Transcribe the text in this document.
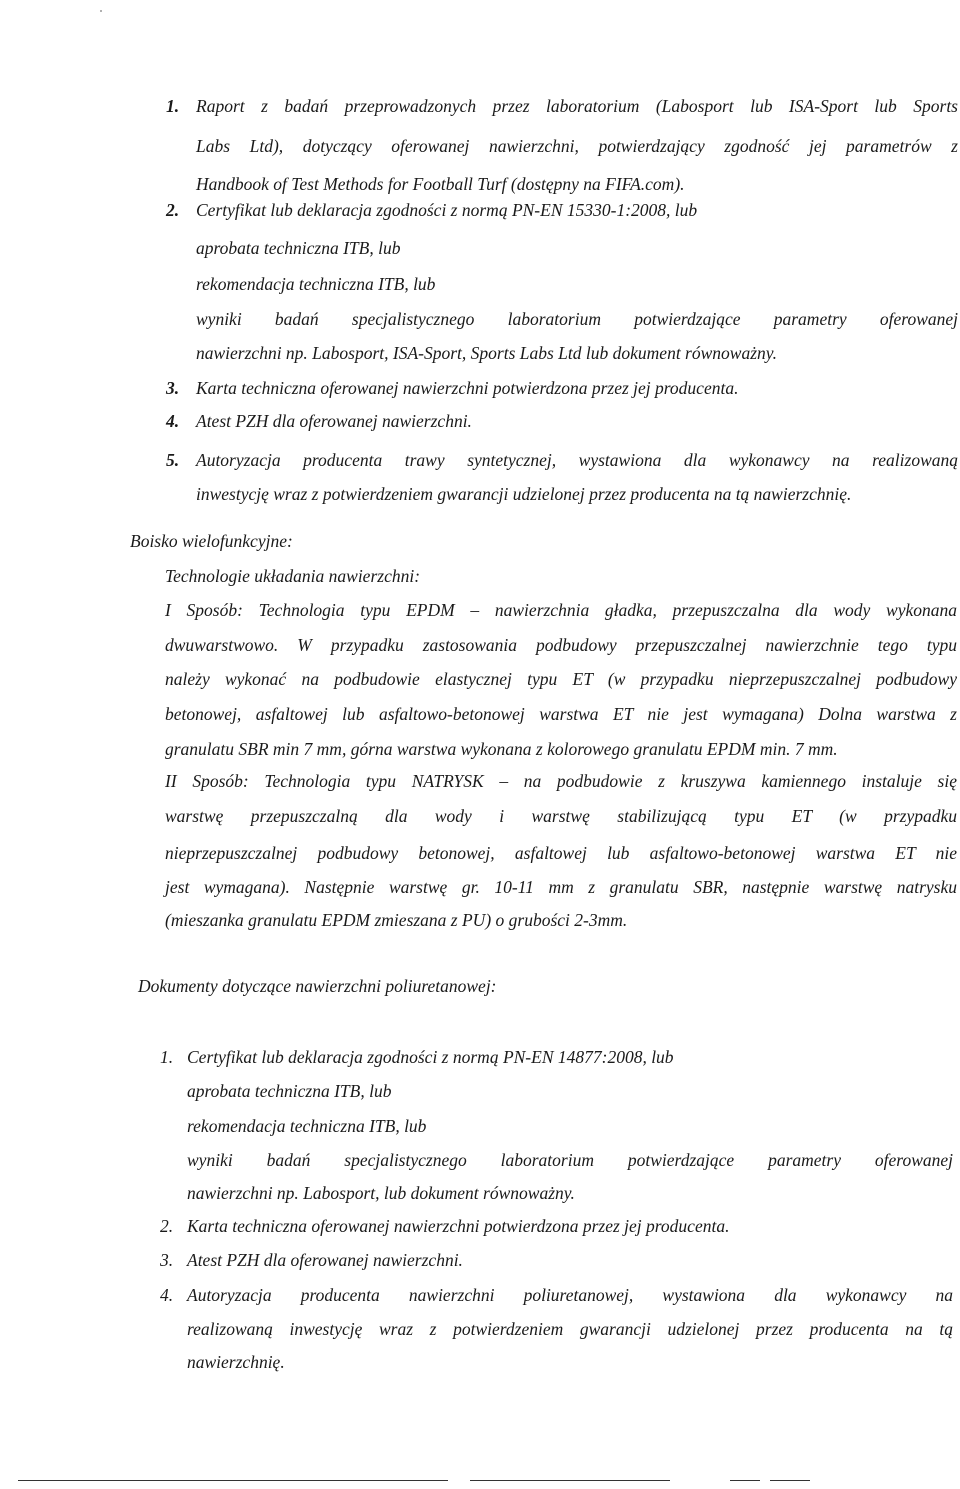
1. Raport z badań przeprowadzonych przez laboratorium (Labosport lub ISA-Sport lub Sports
Labs Ltd), dotyczący oferowanej nawierzchni, potwierdzający zgodność jej parametrów z
Handbook of Test Methods for Football Turf (dostępny na FIFA.com).
2. Certyfikat lub deklaracja zgodności z normą PN-EN 15330-1:2008, lub
aprobata techniczna ITB, lub
rekomendacja techniczna ITB, lub
wyniki badań specjalistycznego laboratorium potwierdzające parametry oferowanej
nawierzchni np. Labosport, ISA-Sport, Sports Labs Ltd lub dokument równoważny.
3. Karta techniczna oferowanej nawierzchni potwierdzona przez jej producenta.
4. Atest PZH dla oferowanej nawierzchni.
5. Autoryzacja producenta trawy syntetycznej, wystawiona dla wykonawcy na realizowaną
inwestycję wraz z potwierdzeniem gwarancji udzielonej przez producenta na tą nawierzchnię.
Boisko wielofunkcyjne:
Technologie układania nawierzchni:
I Sposób: Technologia typu EPDM – nawierzchnia gładka, przepuszczalna dla wody wykonana
dwuwarstwowo. W przypadku zastosowania podbudowy przepuszczalnej nawierzchnie tego typu
należy wykonać na podbudowie elastycznej typu ET (w przypadku nieprzepuszczalnej podbudowy
betonowej, asfaltowej lub asfaltowo-betonowej warstwa ET nie jest wymagana) Dolna warstwa z
granulatu SBR min 7 mm, górna warstwa wykonana z kolorowego granulatu EPDM min. 7 mm.
II Sposób: Technologia typu NATRYSK – na podbudowie z kruszywa kamiennego instaluje się
warstwę przepuszczalną dla wody i warstwę stabilizującą typu ET (w przypadku
nieprzepuszczalnej podbudowy betonowej, asfaltowej lub asfaltowo-betonowej warstwa ET nie
jest wymagana). Następnie warstwę gr. 10-11 mm z granulatu SBR, następnie warstwę natrysku
(mieszanka granulatu EPDM zmieszana z PU) o grubości 2-3mm.
Dokumenty dotyczące nawierzchni poliuretanowej:
1. Certyfikat lub deklaracja zgodności z normą PN-EN 14877:2008, lub
aprobata techniczna ITB, lub
rekomendacja techniczna ITB, lub
wyniki badań specjalistycznego laboratorium potwierdzające parametry oferowanej
nawierzchni np. Labosport, lub dokument równoważny.
2. Karta techniczna oferowanej nawierzchni potwierdzona przez jej producenta.
3. Atest PZH dla oferowanej nawierzchni.
4. Autoryzacja producenta nawierzchni poliuretanowej, wystawiona dla wykonawcy na
realizowaną inwestycję wraz z potwierdzeniem gwarancji udzielonej przez producenta na tą
nawierzchnię.
